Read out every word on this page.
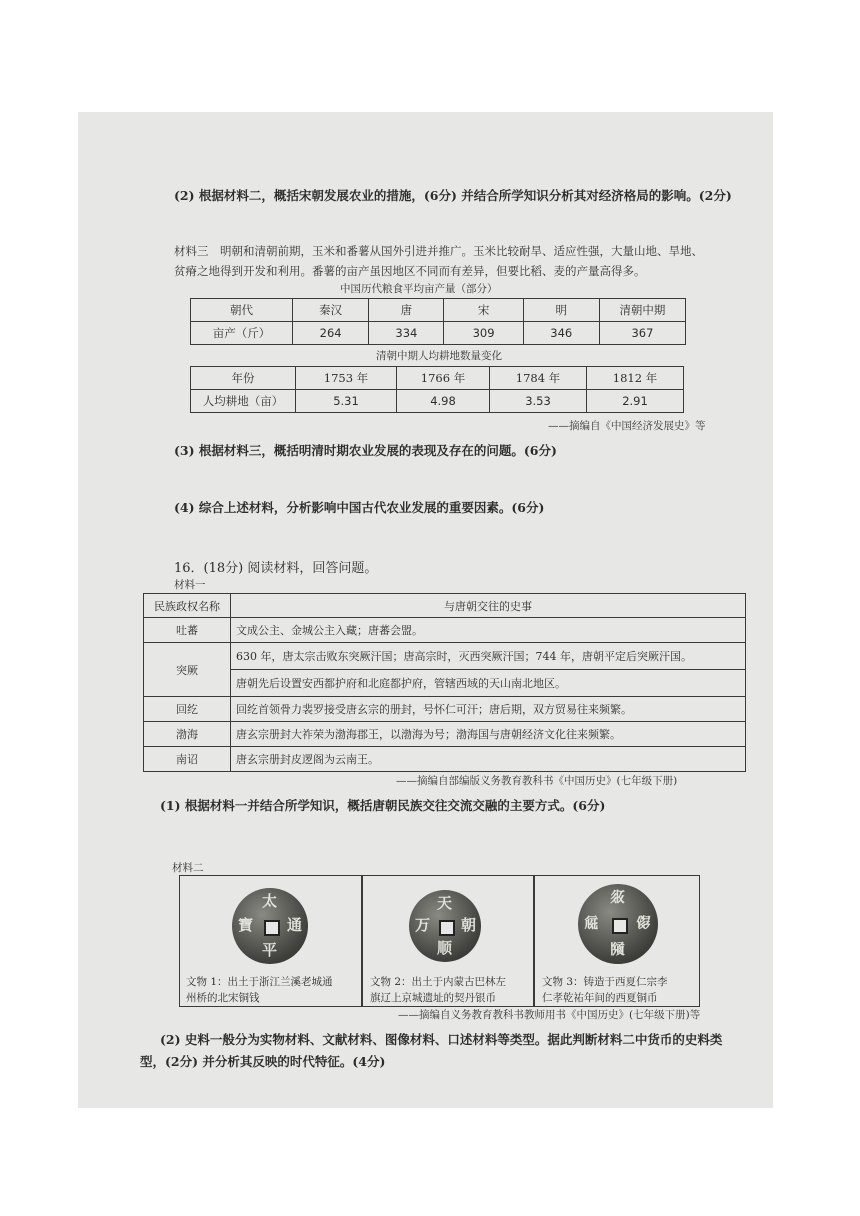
(2) 根据材料二，概括宋朝发展农业的措施，(6分) 并结合所学知识分析其对经济格局的影响。(2分)
材料三　明朝和清朝前期，玉米和番薯从国外引进并推广。玉米比较耐旱、适应性强，大量山地、旱地、
贫瘠之地得到开发和利用。番薯的亩产虽因地区不同而有差异，但要比稻、麦的产量高得多。
中国历代粮食平均亩产量（部分）
朝代	秦汉	唐	宋	明	清朝中期
亩产（斤）	264	334	309	346	367
清朝中期人均耕地数量变化
年份	1753 年	1766 年	1784 年	1812 年
人均耕地（亩）	5.31	4.98	3.53	2.91
——摘编自《中国经济发展史》等
(3) 根据材料三，概括明清时期农业发展的表现及存在的问题。(6分)
(4) 综合上述材料，分析影响中国古代农业发展的重要因素。(6分)
16．(18分) 阅读材料，回答问题。
材料一
民族政权名称	与唐朝交往的史事
吐蕃	文成公主、金城公主入藏；唐蕃会盟。
突厥	630 年，唐太宗击败东突厥汗国；唐高宗时，灭西突厥汗国；744 年，唐朝平定后突厥汗国。
	唐朝先后设置安西都护府和北庭都护府，管辖西域的天山南北地区。
回纥	回纥首领骨力裴罗接受唐玄宗的册封，号怀仁可汗；唐后期，双方贸易往来频繁。
渤海	唐玄宗册封大祚荣为渤海郡王，以渤海为号；渤海国与唐朝经济文化往来频繁。
南诏	唐玄宗册封皮逻阁为云南王。
——摘编自部编版义务教育教科书《中国历史》(七年级下册)
(1) 根据材料一并结合所学知识，概括唐朝民族交往交流交融的主要方式。(6分)
材料二
太
通
平
寶
文物 1：出土于浙江兰溪老城通
州桥的北宋铜钱
天
朝
万
顺
文物 2：出土于内蒙古巴林左
旗辽上京城遗址的契丹银币
𗼇
𗃮
𗂧
𗏁
文物 3：铸造于西夏仁宗李
仁孝乾祐年间的西夏铜币
——摘编自义务教育教科书教师用书《中国历史》(七年级下册)等
(2) 史料一般分为实物材料、文献材料、图像材料、口述材料等类型。据此判断材料二中货币的史料类
型，(2分) 并分析其反映的时代特征。(4分)
